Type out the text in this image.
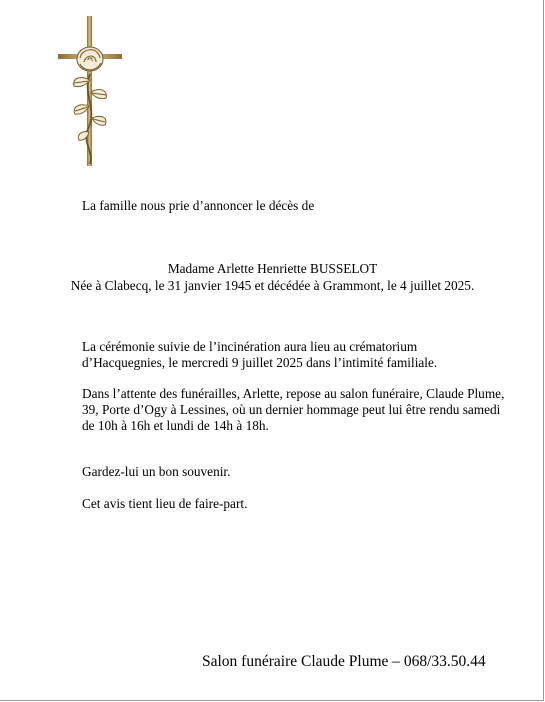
La famille nous prie d’annoncer le décès de

Madame Arlette Henriette BUSSELOT

Née à Clabecq, le 31 janvier 1945 et décédée à Grammont, le 4 juillet 2025.

La cérémonie suivie de l’incinération aura lieu au crématorium

d’Hacquegnies, le mercredi 9 juillet 2025 dans l’intimité familiale.

Dans l’attente des funérailles, Arlette, repose au salon funéraire, Claude Plume,

39, Porte d’Ogy à Lessines, où un dernier hommage peut lui être rendu samedi

de 10h à 16h et lundi de 14h à 18h.

Gardez-lui un bon souvenir.

Cet avis tient lieu de faire-part.

Salon funéraire Claude Plume – 068/33.50.44
